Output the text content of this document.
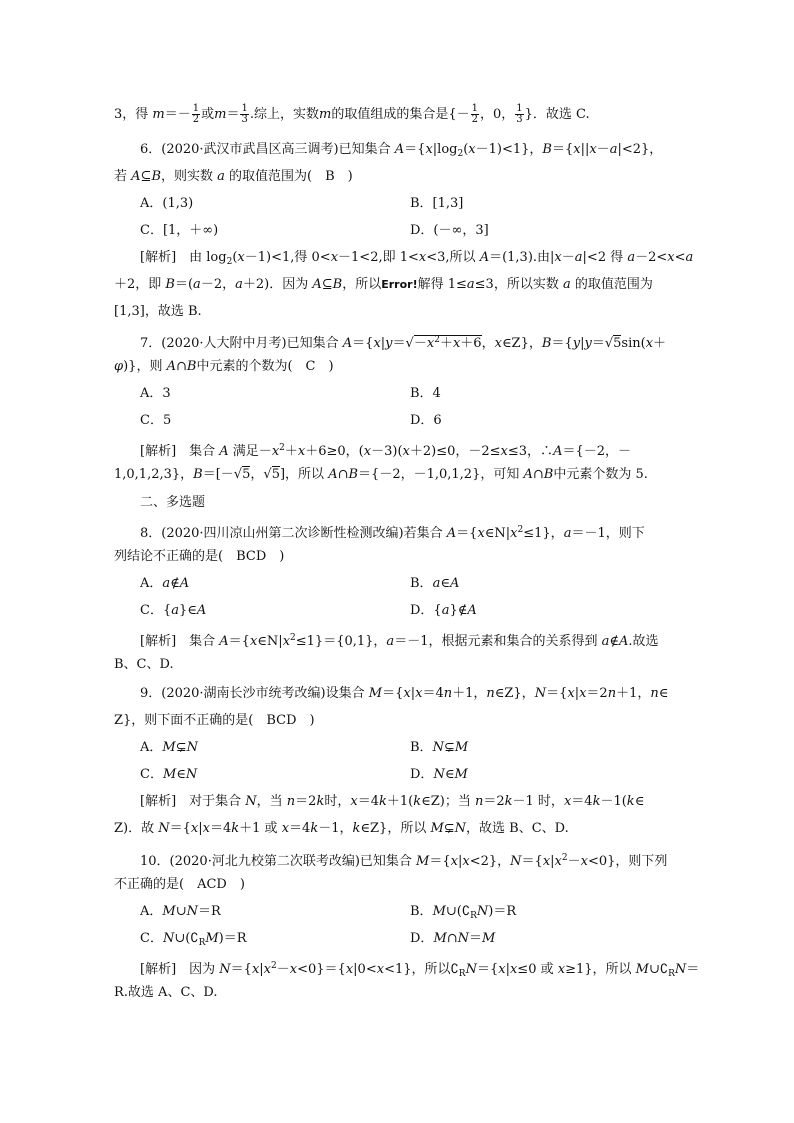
3，得 $m=- \frac{1}{2}$ 或$m= \frac{1}{3}$ .综上，实数m的取值组成的集合是{－ $\frac{1}{2}$ ，0， $\frac{1}{3}$ }．故选 C.
6．(2020·武汉市武昌区高三调考)已知集合 $A=\{x|\log_2(x-1)<1\}$，B＝{x||x－a|<2}，
若 A⊆B，则实数 a 的取值范围为(　B　)
A．(1,3)	B．[1,3]
C．[1，＋∞)	D．(－∞，3]
[解析]　由 $\log_2(x-1)<1$,得 0<x－1<2,即 1<x<3,所以 A＝(1,3).由|x－a|<2 得 a－2<x<a
＋2，即 B＝(a－2，a＋2)．因为 A⊆B，所以Error!解得 1≤a≤3，所以实数 a 的取值范围为
[1,3]，故选 B.
7．(2020·人大附中月考)已知集合 $A=\{x|y=√-x^2+x+6$，x∈Z}，B＝{y|y＝√5sin(x＋
φ)}，则 A∩B中元素的个数为(　C　)
A．3	B．4
C．5	D．6
[解析]　集合 A 满足$-x^2+x+6\ge 0$，(x－3)(x＋2)≤0，－2≤x≤3，∴A＝{－2，－
1,0,1,2,3}，B＝[－√5，√5]，所以 A∩B＝{－2，－1,0,1,2}，可知 A∩B中元素个数为 5.
二、多选题
8．(2020·四川凉山州第二次诊断性检测改编)若集合 $A=\{x\in N|x^2\le 1\}$，a＝－1，则下
列结论不正确的是(　BCD　)
A．a∉A	B．a∈A
C．{a}∈A	D．{a}∉A
[解析]　集合 $A=\{x\in N|x^2\le 1\}=\{0,1\}$，a＝－1，根据元素和集合的关系得到 a∉A.故选
B、C、D.
9．(2020·湖南长沙市统考改编)设集合 M＝{x|x＝4n＋1，n∈Z}，N＝{x|x＝2n＋1，n∈
Z}，则下面不正确的是(　BCD　)
A．M⊊N	B．N⊊M
C．M∈N	D．N∈M
[解析]　对于集合 N，当 n＝2k时，x＝4k＋1(k∈Z)；当 n＝2k－1 时，x＝4k－1(k∈
Z)．故 N＝{x|x＝4k＋1 或 x＝4k－1，k∈Z}，所以 M⊊N，故选 B、C、D.
10．(2020·河北九校第二次联考改编)已知集合 M＝{x|x<2}，$N=\{x|x^2-x<0\}$，则下列
不正确的是(　ACD　)
A．M∪N＝R	B．$M\cup(∁_RN)=R$
C．$N\cup(∁_RM)=R$	D．M∩N＝M
[解析]　因为 $N=\{x|x^2-x<0\}=\{x|0<x<1\}$，所以$∁_RN=\{x|x\le 0$ 或 x≥1}，所以 $M\cup∁_RN=$
R.故选 A、C、D.
